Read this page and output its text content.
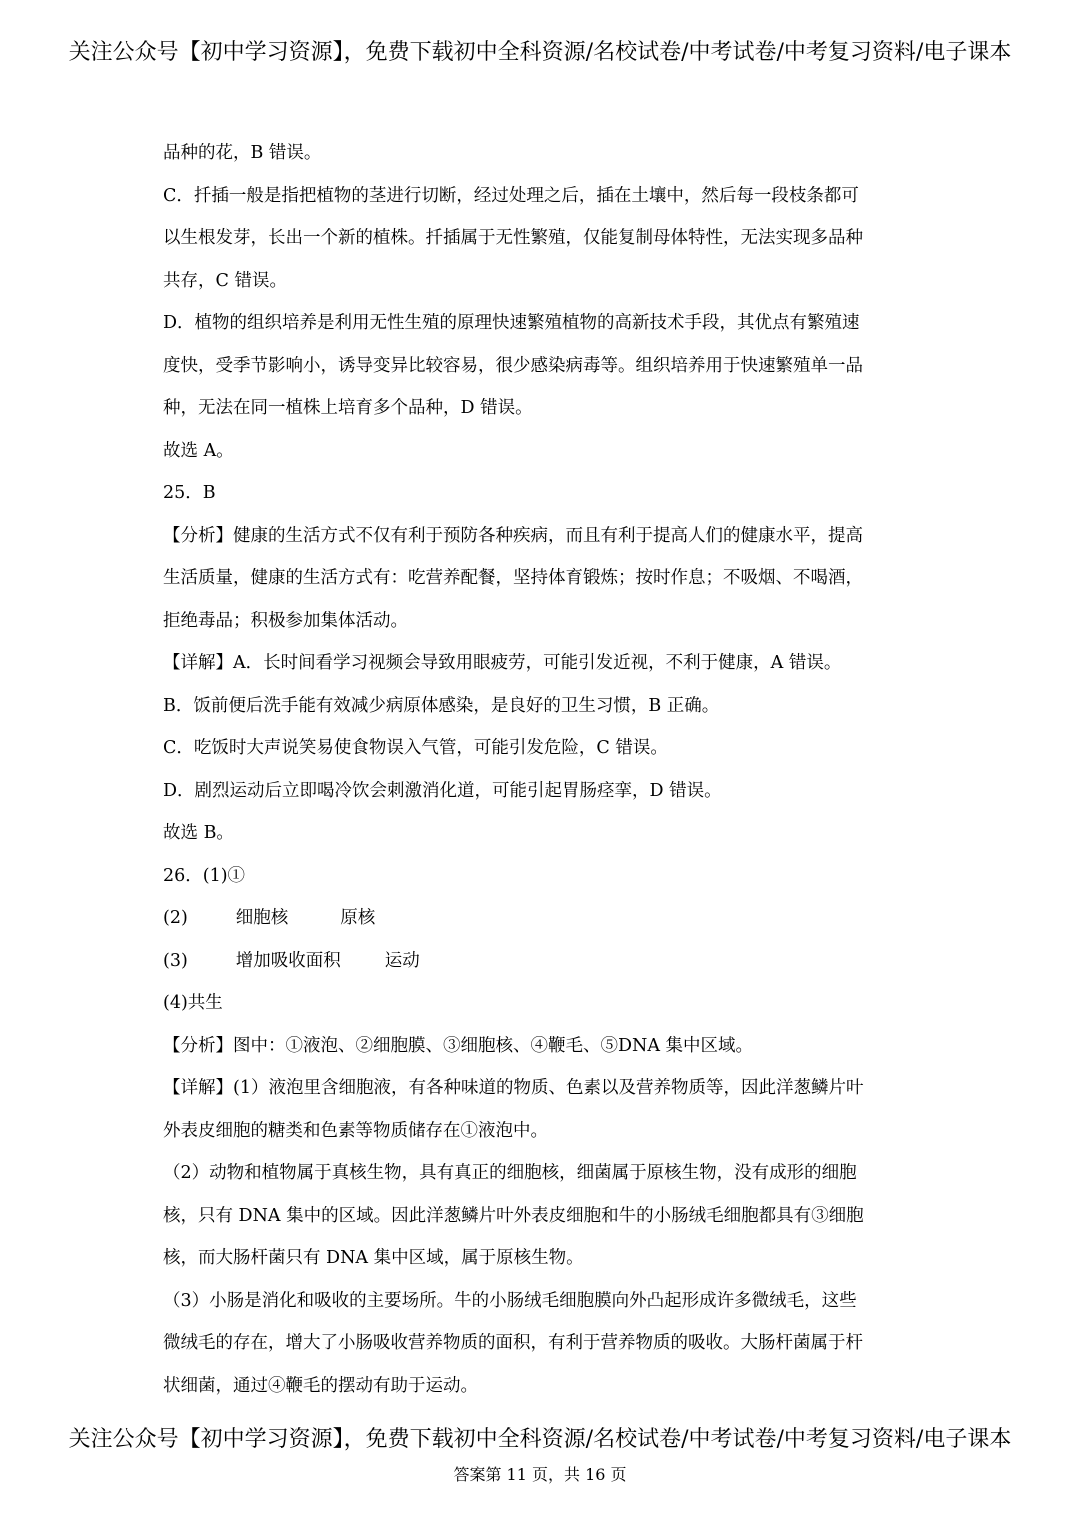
关注公众号【初中学习资源】，免费下载初中全科资源/名校试卷/中考试卷/中考复习资料/电子课本
品种的花，B 错误。
C．扦插一般是指把植物的茎进行切断，经过处理之后，插在土壤中，然后每一段枝条都可
以生根发芽，长出一个新的植株。扦插属于无性繁殖，仅能复制母体特性，无法实现多品种
共存，C 错误。
D．植物的组织培养是利用无性生殖的原理快速繁殖植物的高新技术手段，其优点有繁殖速
度快，受季节影响小，诱导变异比较容易，很少感染病毒等。组织培养用于快速繁殖单一品
种，无法在同一植株上培育多个品种，D 错误。
故选 A。
25．B
【分析】健康的生活方式不仅有利于预防各种疾病，而且有利于提高人们的健康水平，提高
生活质量，健康的生活方式有：吃营养配餐，坚持体育锻炼；按时作息；不吸烟、不喝酒，
拒绝毒品；积极参加集体活动。
【详解】A．长时间看学习视频会导致用眼疲劳，可能引发近视，不利于健康，A 错误。
B．饭前便后洗手能有效减少病原体感染，是良好的卫生习惯，B 正确。
C．吃饭时大声说笑易使食物误入气管，可能引发危险，C 错误。
D．剧烈运动后立即喝冷饮会刺激消化道，可能引起胃肠痉挛，D 错误。
故选 B。
26．(1)①
(2)	细胞核	原核
(3)	增加吸收面积	运动
(4)共生
【分析】图中：①液泡、②细胞膜、③细胞核、④鞭毛、⑤DNA 集中区域。
【详解】(1）液泡里含细胞液，有各种味道的物质、色素以及营养物质等，因此洋葱鳞片叶
外表皮细胞的糖类和色素等物质储存在①液泡中。
（2）动物和植物属于真核生物，具有真正的细胞核，细菌属于原核生物，没有成形的细胞
核，只有 DNA 集中的区域。因此洋葱鳞片叶外表皮细胞和牛的小肠绒毛细胞都具有③细胞
核，而大肠杆菌只有 DNA 集中区域，属于原核生物。
（3）小肠是消化和吸收的主要场所。牛的小肠绒毛细胞膜向外凸起形成许多微绒毛，这些
微绒毛的存在，增大了小肠吸收营养物质的面积，有利于营养物质的吸收。大肠杆菌属于杆
状细菌，通过④鞭毛的摆动有助于运动。
关注公众号【初中学习资源】，免费下载初中全科资源/名校试卷/中考试卷/中考复习资料/电子课本
答案第 11 页，共 16 页
